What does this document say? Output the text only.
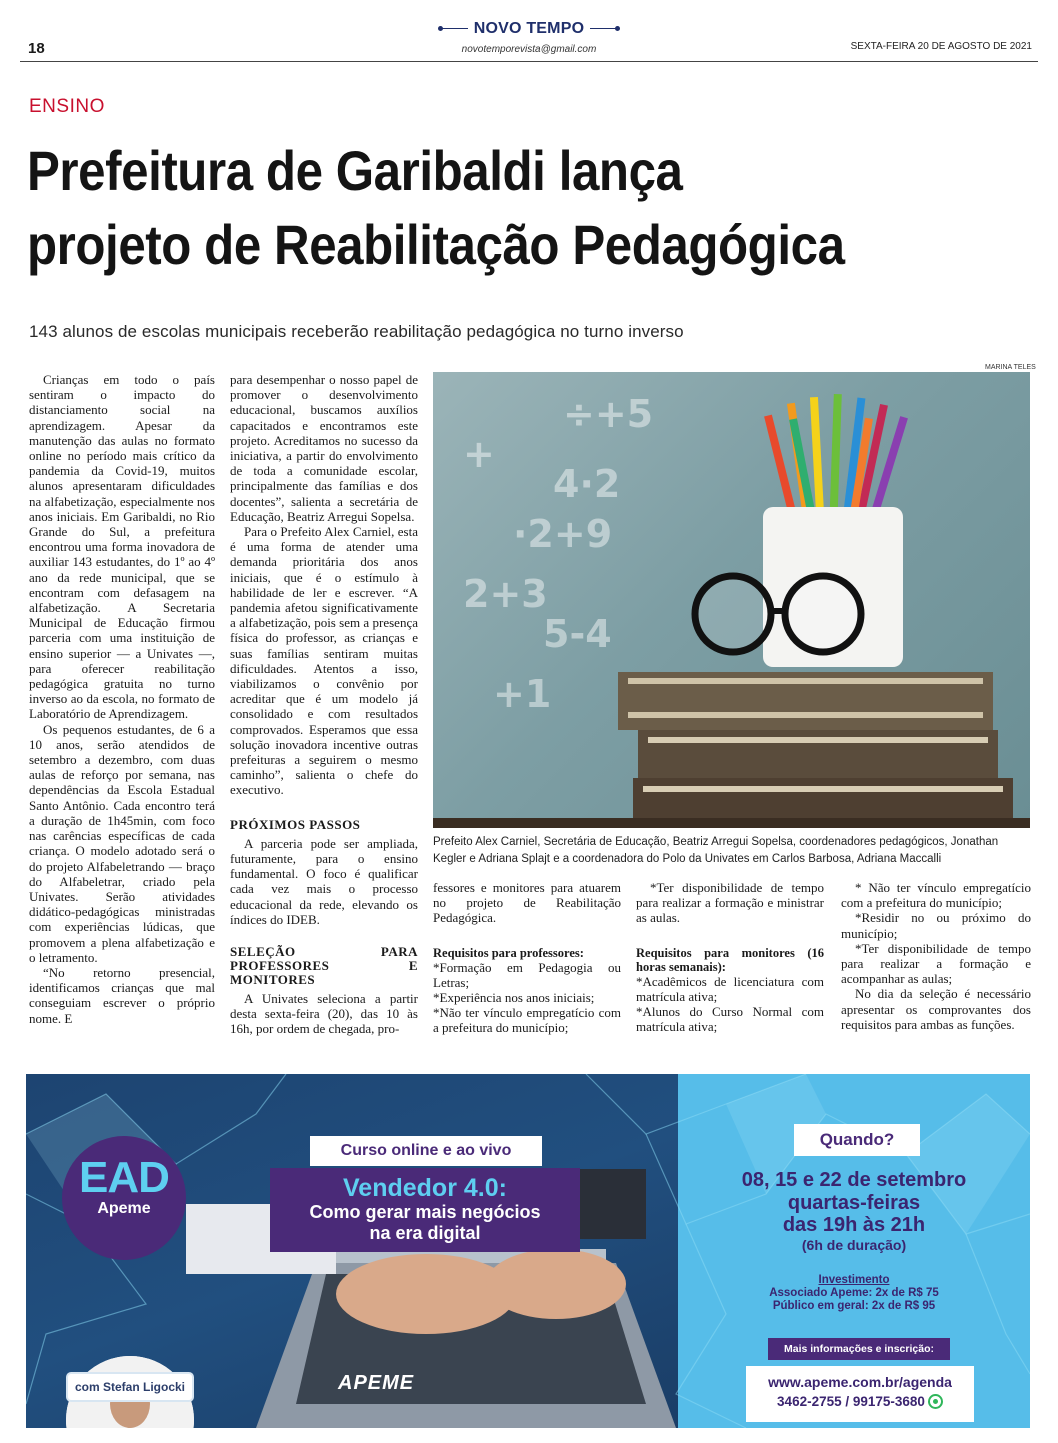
18
NOVO TEMPO
novotemporevista@gmail.com	SEXTA-FEIRA 20 DE AGOSTO DE 2021
ENSINO
Prefeitura de Garibaldi lança
projeto de Reabilitação Pedagógica
143 alunos de escolas municipais receberão reabilitação pedagógica no turno inverso

Crianças em todo o país sentiram o impacto do distanciamento social na aprendizagem. Apesar da manutenção das aulas no formato online no período mais crítico da pandemia da Covid-19, muitos alunos apresentaram dificuldades na alfabetização, especialmente nos anos iniciais. Em Garibaldi, no Rio Grande do Sul, a prefeitura encontrou uma forma inovadora de auxiliar 143 estudantes, do 1º ao 4º ano da rede municipal, que se encontram com defasagem na alfabetização. A Secretaria Municipal de Educação firmou parceria com uma instituição de ensino superior — a Univates —, para oferecer reabilitação pedagógica gratuita no turno inverso ao da escola, no formato de Laboratório de Aprendizagem.

Os pequenos estudantes, de 6 a 10 anos, serão atendidos de setembro a dezembro, com duas aulas de reforço por semana, nas dependências da Escola Estadual Santo Antônio. Cada encontro terá a duração de 1h45min, com foco nas carências específicas de cada criança. O modelo adotado será o do projeto Alfabeletrando — braço do Alfabeletrar, criado pela Univates. Serão atividades didático-pedagógicas ministradas com experiências lúdicas, que promovem a plena alfabetização e o letramento.

“No retorno presencial, identificamos crianças que mal conseguiam escrever o próprio nome. E

para desempenhar o nosso papel de promover o desenvolvimento educacional, buscamos auxílios capacitados e encontramos este projeto. Acreditamos no sucesso da iniciativa, a partir do envolvimento de toda a comunidade escolar, principalmente das famílias e dos docentes”, salienta a secretária de Educação, Beatriz Arregui Sopelsa.

Para o Prefeito Alex Carniel, esta é uma forma de atender uma demanda prioritária dos anos iniciais, que é o estímulo à habilidade de ler e escrever. “A pandemia afetou significativamente a alfabetização, pois sem a presença física do professor, as crianças e suas famílias sentiram muitas dificuldades. Atentos a isso, viabilizamos o convênio por acreditar que é um modelo já consolidado e com resultados comprovados. Esperamos que essa solução inovadora incentive outras prefeituras a seguirem o mesmo caminho”, salienta o chefe do executivo.

PRÓXIMOS PASSOS

A parceria pode ser ampliada, futuramente, para o ensino fundamental. O foco é qualificar cada vez mais o processo educacional da rede, elevando os índices do IDEB.

SELEÇÃO PARA PROFESSORES E MONITORES

A Univates seleciona a partir desta sexta-feira (20), das 10 às 16h, por ordem de chegada, pro-

MARINA TELES
÷+5
+
4·2
·2+9
2+3
5-4
+1
Prefeito Alex Carniel, Secretária de Educação, Beatriz Arregui Sopelsa, coordenadores pedagógicos, Jonathan Kegler e Adriana Splajt e a coordenadora do Polo da Univates em Carlos Barbosa, Adriana Maccalli

fessores e monitores para atuarem no projeto de Reabilitação Pedagógica.

Requisitos para professores:

*Formação em Pedagogia ou Letras;

*Experiência nos anos iniciais;

*Não ter vínculo empregatício com a prefeitura do município;

*Ter disponibilidade de tempo para realizar a formação e ministrar as aulas.

Requisitos para monitores (16 horas semanais):

*Acadêmicos de licenciatura com matrícula ativa;

*Alunos do Curso Normal com matrícula ativa;

* Não ter vínculo empregatício com a prefeitura do município;

*Residir no ou próximo do município;

*Ter disponibilidade de tempo para realizar a formação e acompanhar as aulas;

No dia da seleção é necessário apresentar os comprovantes dos requisitos para ambas as funções.

EAD
Apeme
com Stefan Ligocki
Curso online e ao vivo
Vendedor 4.0:
Como gerar mais negócios
na era digital
APEME
Quando?
08, 15 e 22 de setembro
quartas-feiras
das 19h às 21h
(6h de duração)
Investimento
Associado Apeme: 2x de R$ 75
Público em geral: 2x de R$ 95
Mais informações e inscrição:
www.apeme.com.br/agenda
3462-2755 / 99175-3680
